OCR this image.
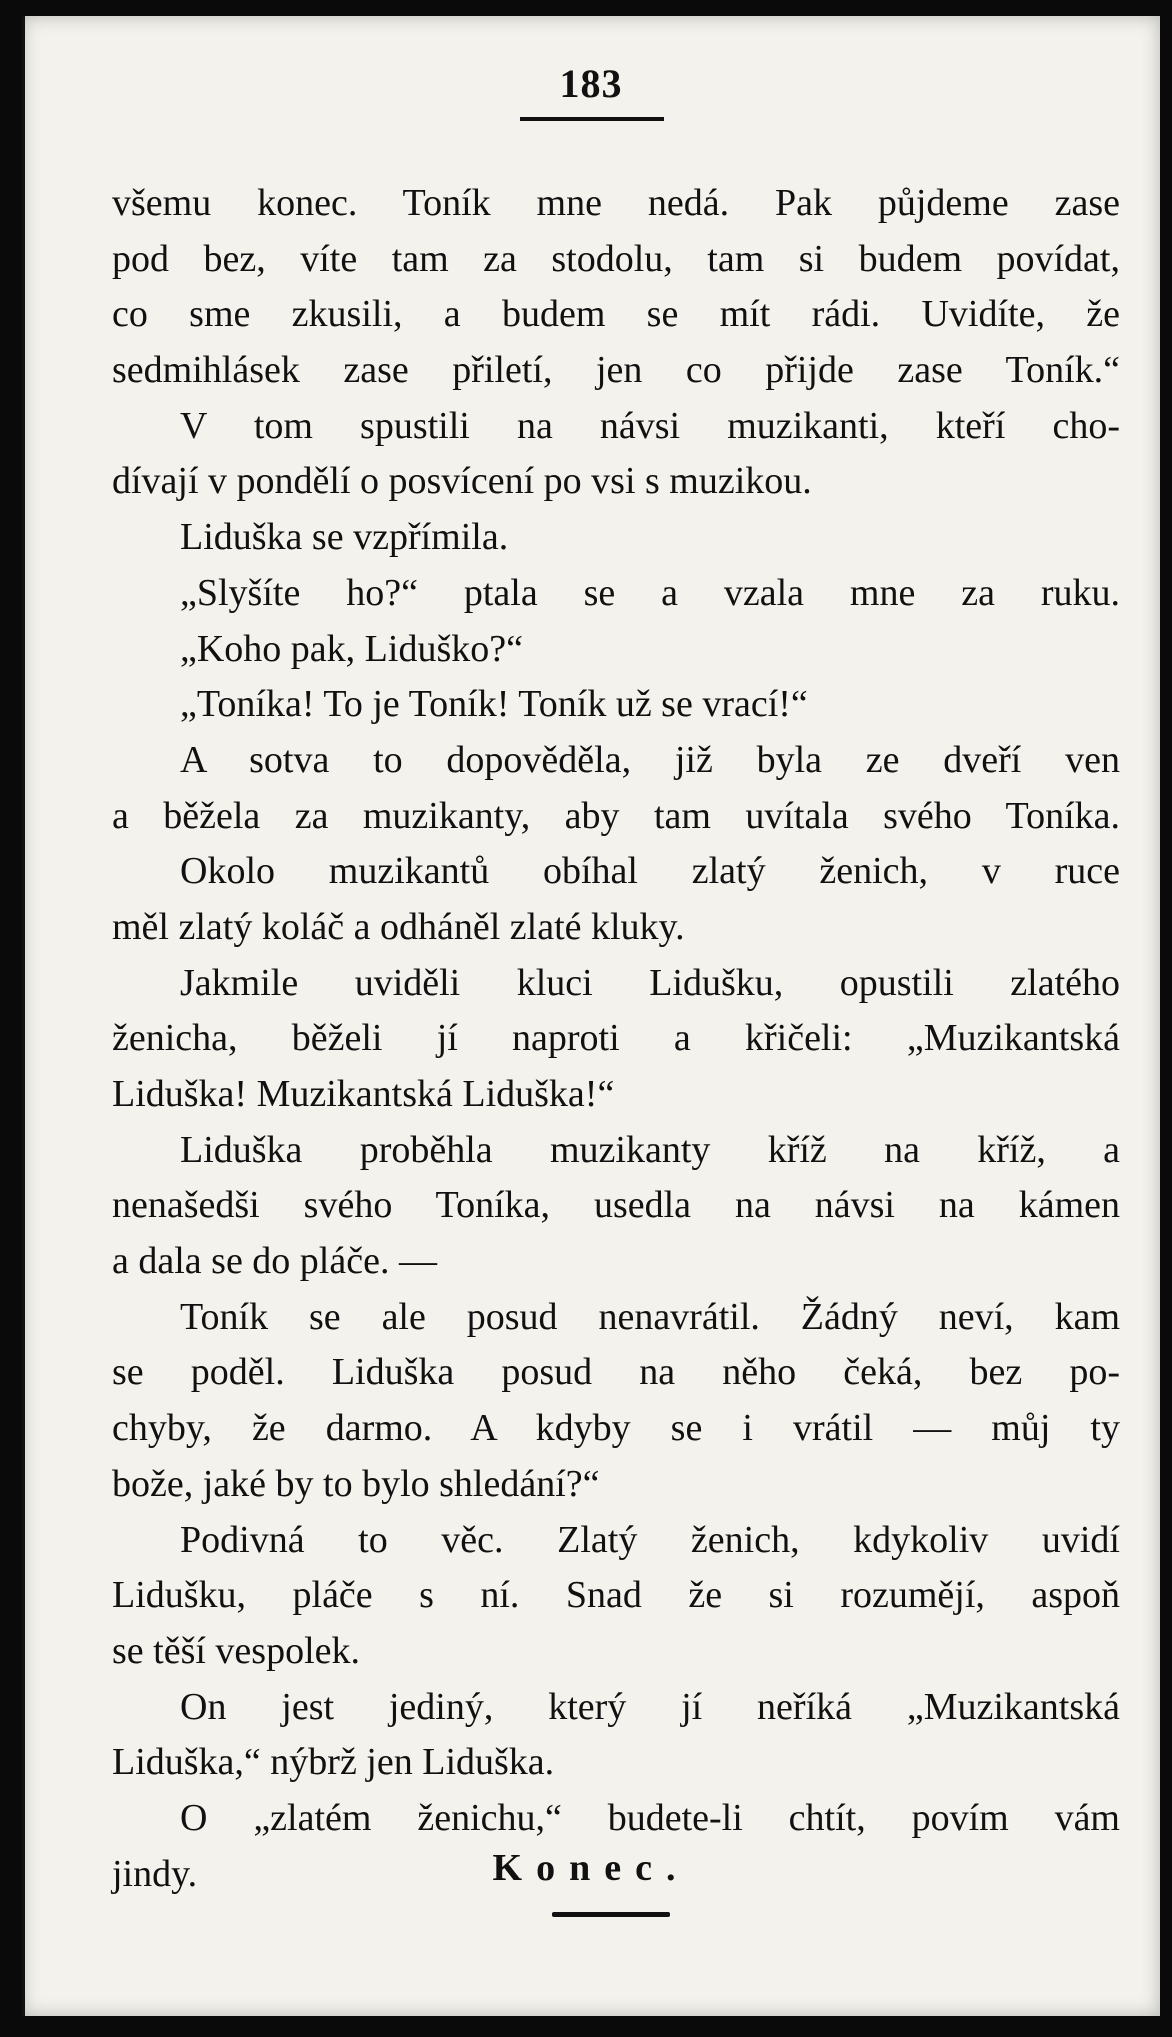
183
všemu konec. Toník mne nedá. Pak půjdeme zase
pod bez, víte tam za stodolu, tam si budem povídat,
co sme zkusili, a budem se mít rádi. Uvidíte, že
sedmihlásek zase přiletí, jen co přijde zase Toník.“
V tom spustili na návsi muzikanti, kteří cho-
dívají v pondělí o posvícení po vsi s muzikou.
Liduška se vzpřímila.
„Slyšíte ho?“ ptala se a vzala mne za ruku.
„Koho pak, Liduško?“
„Toníka! To je Toník! Toník už se vrací!“
A sotva to dopověděla, již byla ze dveří ven
a běžela za muzikanty, aby tam uvítala svého Toníka.
Okolo muzikantů obíhal zlatý ženich, v ruce
měl zlatý koláč a odháněl zlaté kluky.
Jakmile uviděli kluci Lidušku, opustili zlatého
ženicha, běželi jí naproti a křičeli: „Muzikantská
Liduška! Muzikantská Liduška!“
Liduška proběhla muzikanty kříž na kříž, a
nenašedši svého Toníka, usedla na návsi na kámen
a dala se do pláče. —
Toník se ale posud nenavrátil. Žádný neví, kam
se poděl. Liduška posud na něho čeká, bez po-
chyby, že darmo. A kdyby se i vrátil — můj ty
bože, jaké by to bylo shledání?“
Podivná to věc. Zlatý ženich, kdykoliv uvidí
Lidušku, pláče s ní. Snad že si rozumějí, aspoň
se těší vespolek.
On jest jediný, který jí neříká „Muzikantská
Liduška,“ nýbrž jen Liduška.
O „zlatém ženichu,“ budete-li chtít, povím vám
jindy.	Konec.
